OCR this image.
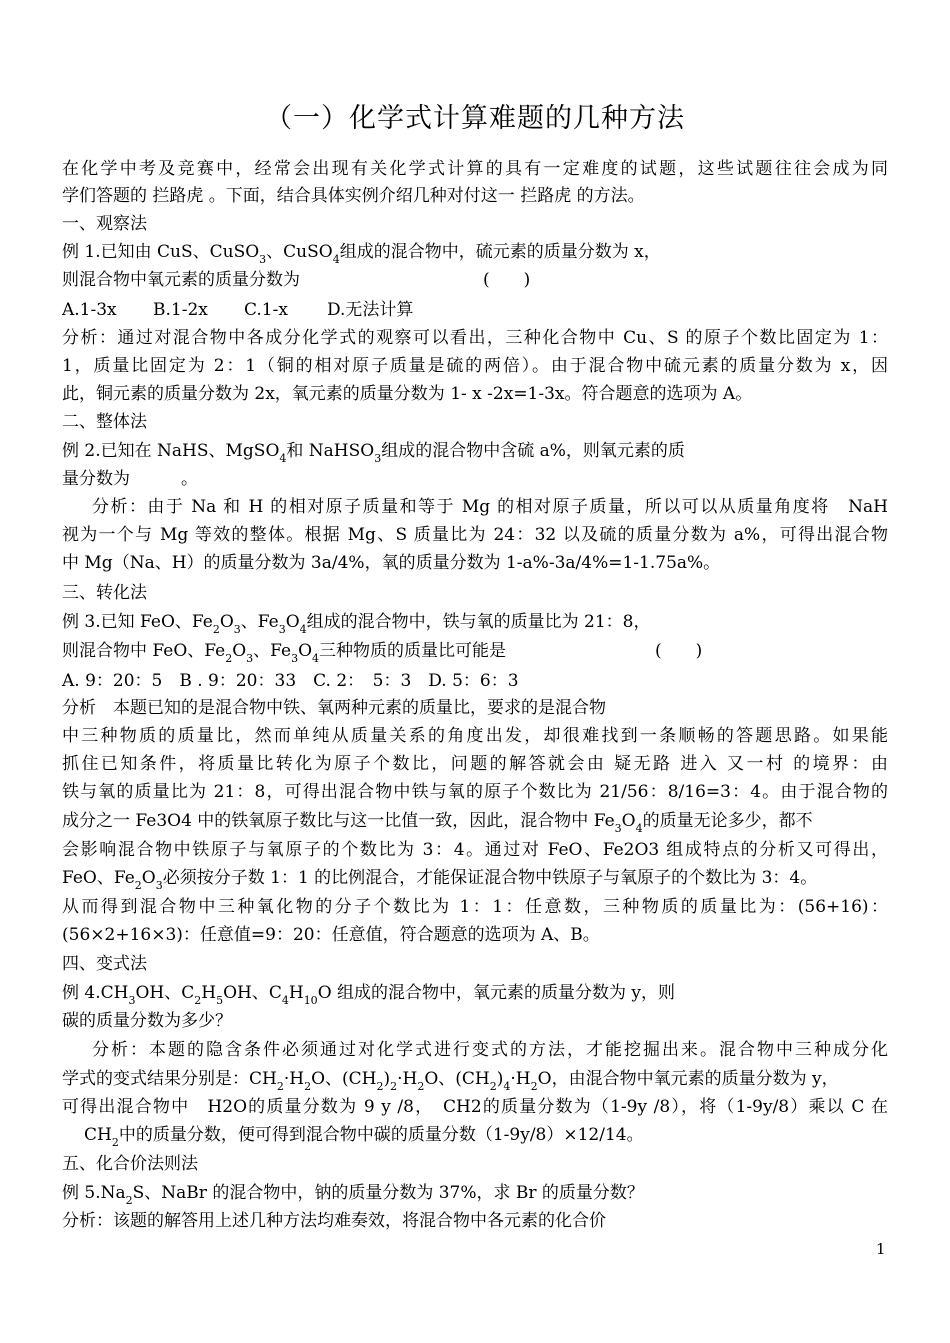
（一）化学式计算难题的几种方法
在化学中考及竞赛中，经常会出现有关化学式计算的具有一定难度的试题，这些试题往往会成为同
学们答题的 拦路虎 。下面，结合具体实例介绍几种对付这一 拦路虎 的方法。
一、观察法
例 1.已知由 CuS、CuSO$_3$、CuSO$_4$组成的混合物中，硫元素的质量分数为 x，
则混合物中氧元素的质量分数为	(　　)
A.1-3x B.1-2x C.1-x D.无法计算
分析：通过对混合物中各成分化学式的观察可以看出，三种化合物中 Cu、S 的原子个数比固定为 1：
1，质量比固定为 2：1（铜的相对原子质量是硫的两倍）。由于混合物中硫元素的质量分数为 x，因
此，铜元素的质量分数为 2x，氧元素的质量分数为 1- x -2x=1-3x。符合题意的选项为 A。
二、整体法
例 2.已知在 NaHS、MgSO$_4$和 NaHSO$_3$组成的混合物中含硫 a%，则氧元素的质
量分数为　　　。
分析：由于 Na 和 H 的相对原子质量和等于 Mg 的相对原子质量，所以可以从质量角度将　NaH
视为一个与 Mg 等效的整体。根据 Mg、S 质量比为 24：32 以及硫的质量分数为 a%，可得出混合物
中 Mg（Na、H）的质量分数为 3a/4%，氧的质量分数为 1-a%-3a/4%=1-1.75a%。
三、转化法
例 3.已知 FeO、$Fe_2O_3$、$Fe_3O_4$组成的混合物中，铁与氧的质量比为 21：8，
则混合物中 FeO、$Fe_2O_3$、$Fe_3O_4$三种物质的质量比可能是	(　　)
A. 9：20：5　B . 9：20：33　C. 2：　5：3　D. 5：6：3
分析　本题已知的是混合物中铁、氧两种元素的质量比，要求的是混合物
中三种物质的质量比，然而单纯从质量关系的角度出发，却很难找到一条顺畅的答题思路。如果能
抓住已知条件，将质量比转化为原子个数比，问题的解答就会由 疑无路 进入 又一村 的境界：由
铁与氧的质量比为 21：8，可得出混合物中铁与氧的原子个数比为 21/56：8/16=3：4。由于混合物的
成分之一 Fe3O4 中的铁氧原子数比与这一比值一致，因此，混合物中 $Fe_3O_4$的质量无论多少，都不
会影响混合物中铁原子与氧原子的个数比为 3：4。通过对 FeO、Fe2O3 组成特点的分析又可得出，
FeO、$Fe_2O_3$必须按分子数 1：1 的比例混合，才能保证混合物中铁原子与氧原子的个数比为 3：4。
从而得到混合物中三种氧化物的分子个数比为 1：1：任意数，三种物质的质量比为：(56+16)：
(56×2+16×3)：任意值=9：20：任意值，符合题意的选项为 A、B。
四、变式法
例 $4.CH_3OH$、$C_2H_5OH$、$C_4H_{10}O$ 组成的混合物中，氧元素的质量分数为 y，则
碳的质量分数为多少？
分析：本题的隐含条件必须通过对化学式进行变式的方法，才能挖掘出来。混合物中三种成分化
学式的变式结果分别是：$CH_2\cdot H_2O$、$(CH_2)_2\cdot H_2O$、$(CH_2)_4\cdot H_2O$，由混合物中氧元素的质量分数为 y，
可得出混合物中　H2O的质量分数为 9 y /8，　CH2的质量分数为（1-9y /8），将（1-9y/8）乘以 C 在
$CH_2$中的质量分数，便可得到混合物中碳的质量分数（1-9y/8）×12/14。
五、化合价法则法
例 $5.Na_2S$、NaBr 的混合物中，钠的质量分数为 37%，求 Br 的质量分数？
分析：该题的解答用上述几种方法均难奏效，将混合物中各元素的化合价
1
